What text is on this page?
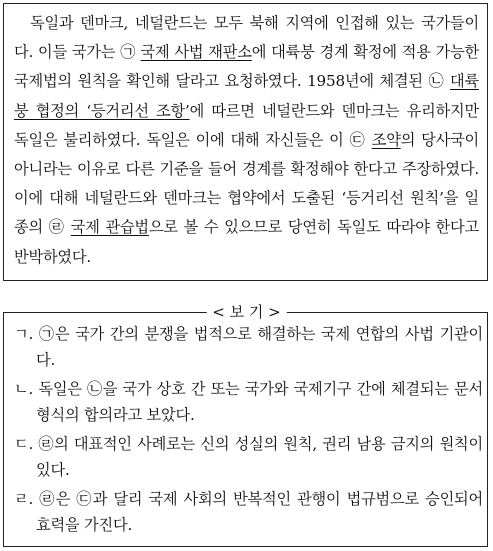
독일과 덴마크, 네덜란드는 모두 북해 지역에 인접해 있는 국가들이다. 이들 국가는 ㉠ 국제 사법 재판소에 대륙붕 경계 확정에 적용 가능한 국제법의 원칙을 확인해 달라고 요청하였다. 1958년에 체결된 ㉡ 대륙붕 협정의 ‘등거리선 조항’에 따르면 네덜란드와 덴마크는 유리하지만 독일은 불리하였다. 독일은 이에 대해 자신들은 이 ㉢ 조약의 당사국이 아니라는 이유로 다른 기준을 들어 경계를 확정해야 한다고 주장하였다. 이에 대해 네덜란드와 덴마크는 협약에서 도출된 ‘등거리선 원칙’을 일종의 ㉣ 국제 관습법으로 볼 수 있으므로 당연히 독일도 따라야 한다고 반박하였다.
< 보 기 >
ㄱ. ㉠은 국가 간의 분쟁을 법적으로 해결하는 국제 연합의 사법 기관이다.
ㄴ. 독일은 ㉡을 국가 상호 간 또는 국가와 국제기구 간에 체결되는 문서 형식의 합의라고 보았다.
ㄷ. ㉣의 대표적인 사례로는 신의 성실의 원칙, 권리 남용 금지의 원칙이 있다.
ㄹ. ㉣은 ㉢과 달리 국제 사회의 반복적인 관행이 법규범으로 승인되어 효력을 가진다.
